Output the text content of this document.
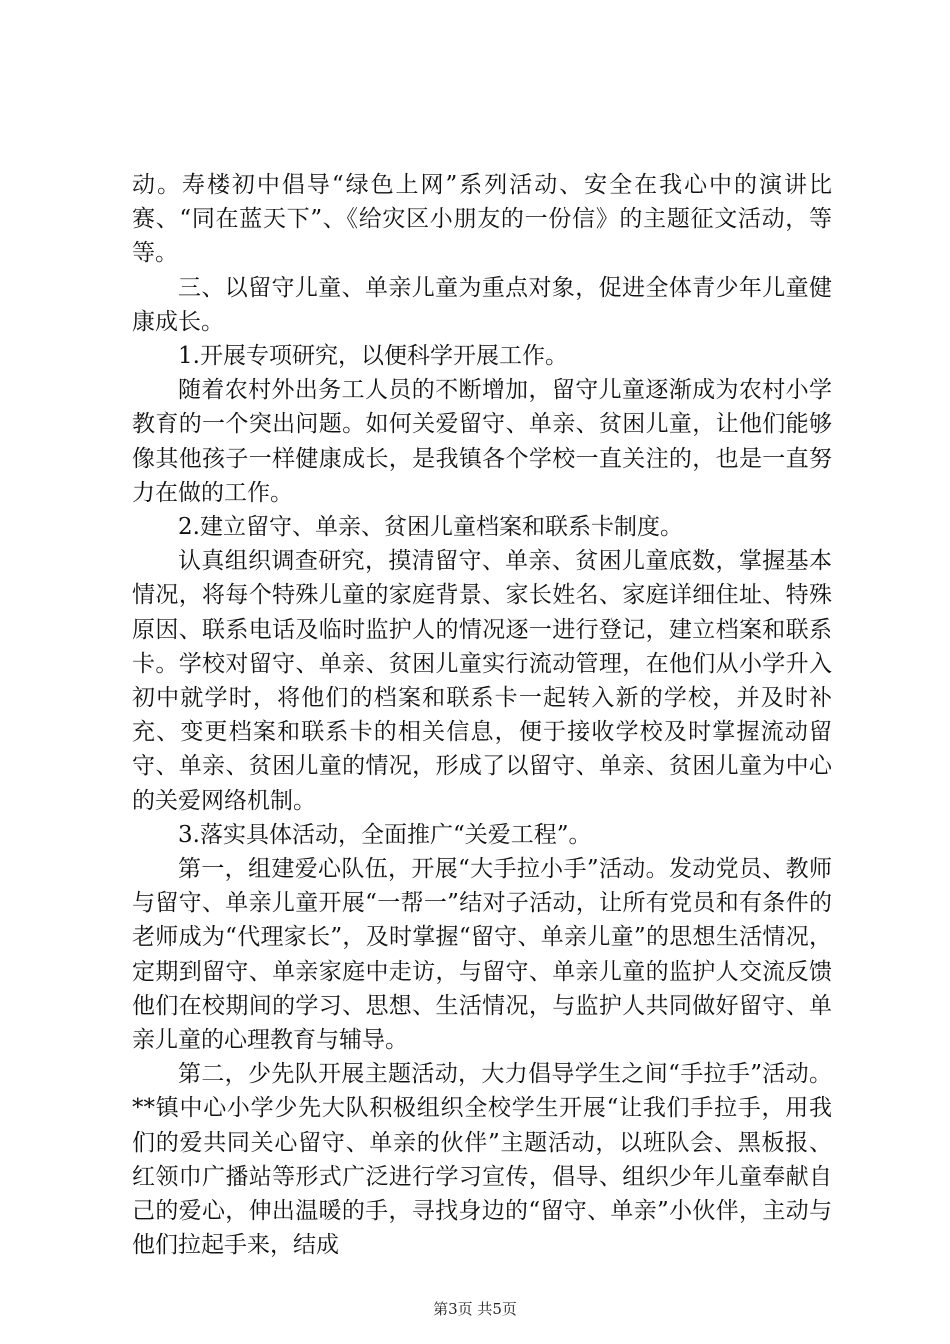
动。寿楼初中倡导“绿色上网”系列活动、安全在我心中的演讲比赛、“同在蓝天下”、《给灾区小朋友的一份信》的主题征文活动，等等。

三、以留守儿童、单亲儿童为重点对象，促进全体青少年儿童健康成长。

1.开展专项研究，以便科学开展工作。

随着农村外出务工人员的不断增加，留守儿童逐渐成为农村小学教育的一个突出问题。如何关爱留守、单亲、贫困儿童，让他们能够像其他孩子一样健康成长，是我镇各个学校一直关注的，也是一直努力在做的工作。

2.建立留守、单亲、贫困儿童档案和联系卡制度。

认真组织调查研究，摸清留守、单亲、贫困儿童底数，掌握基本情况，将每个特殊儿童的家庭背景、家长姓名、家庭详细住址、特殊原因、联系电话及临时监护人的情况逐一进行登记，建立档案和联系卡。学校对留守、单亲、贫困儿童实行流动管理，在他们从小学升入初中就学时，将他们的档案和联系卡一起转入新的学校，并及时补充、变更档案和联系卡的相关信息，便于接收学校及时掌握流动留守、单亲、贫困儿童的情况，形成了以留守、单亲、贫困儿童为中心的关爱网络机制。

3.落实具体活动，全面推广“关爱工程”。

第一，组建爱心队伍，开展“大手拉小手”活动。发动党员、教师与留守、单亲儿童开展“一帮一”结对子活动，让所有党员和有条件的老师成为“代理家长”，及时掌握“留守、单亲儿童”的思想生活情况，定期到留守、单亲家庭中走访，与留守、单亲儿童的监护人交流反馈他们在校期间的学习、思想、生活情况，与监护人共同做好留守、单亲儿童的心理教育与辅导。

第二，少先队开展主题活动，大力倡导学生之间“手拉手”活动。**镇中心小学少先大队积极组织全校学生开展“让我们手拉手，用我们的爱共同关心留守、单亲的伙伴”主题活动，以班队会、黑板报、红领巾广播站等形式广泛进行学习宣传，倡导、组织少年儿童奉献自己的爱心，伸出温暖的手，寻找身边的“留守、单亲”小伙伴，主动与他们拉起手来，结成

第3页 共5页
